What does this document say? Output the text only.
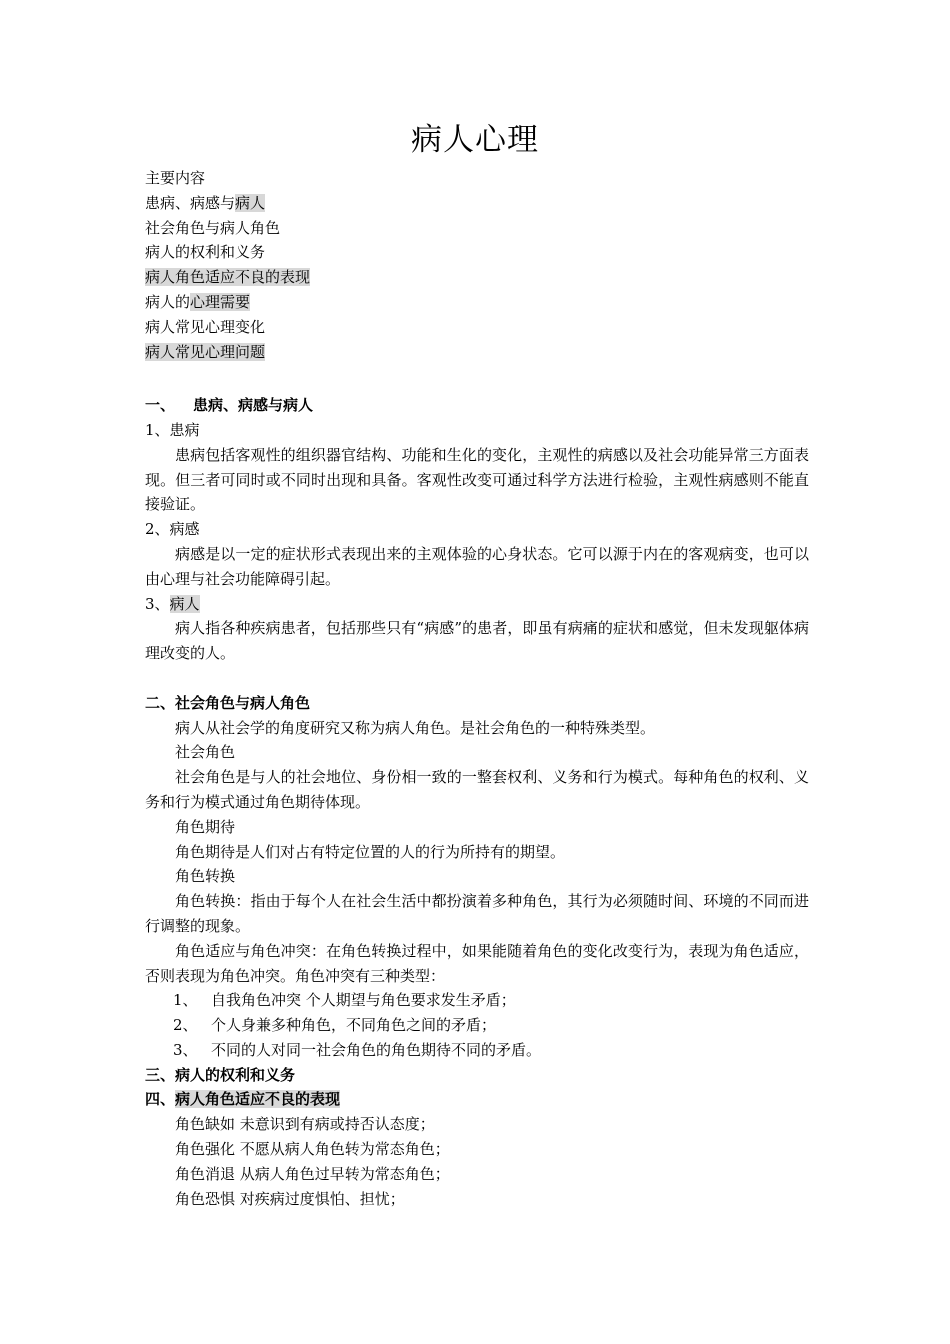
病人心理

主要内容

患病、病感与病人

社会角色与病人角色

病人的权利和义务

病人角色适应不良的表现

病人的心理需要

病人常见心理变化

病人常见心理问题

一、 患病、病感与病人

1、患病

患病包括客观性的组织器官结构、功能和生化的变化，主观性的病感以及社会功能异常三方面表现。但三者可同时或不同时出现和具备。客观性改变可通过科学方法进行检验，主观性病感则不能直接验证。

2、病感

病感是以一定的症状形式表现出来的主观体验的心身状态。它可以源于内在的客观病变，也可以由心理与社会功能障碍引起。

3、病人

病人指各种疾病患者，包括那些只有“病感”的患者，即虽有病痛的症状和感觉，但未发现躯体病理改变的人。

二、社会角色与病人角色

病人从社会学的角度研究又称为病人角色。是社会角色的一种特殊类型。

社会角色

社会角色是与人的社会地位、身份相一致的一整套权利、义务和行为模式。每种角色的权利、义务和行为模式通过角色期待体现。

角色期待

角色期待是人们对占有特定位置的人的行为所持有的期望。

角色转换

角色转换：指由于每个人在社会生活中都扮演着多种角色，其行为必须随时间、环境的不同而进行调整的现象。

角色适应与角色冲突：在角色转换过程中，如果能随着角色的变化改变行为，表现为角色适应，否则表现为角色冲突。角色冲突有三种类型：

1、 自我角色冲突 个人期望与角色要求发生矛盾；

2、 个人身兼多种角色，不同角色之间的矛盾；

3、 不同的人对同一社会角色的角色期待不同的矛盾。

三、病人的权利和义务

四、病人角色适应不良的表现

角色缺如 未意识到有病或持否认态度；

角色强化 不愿从病人角色转为常态角色；

角色消退 从病人角色过早转为常态角色；

角色恐惧 对疾病过度惧怕、担忧；
